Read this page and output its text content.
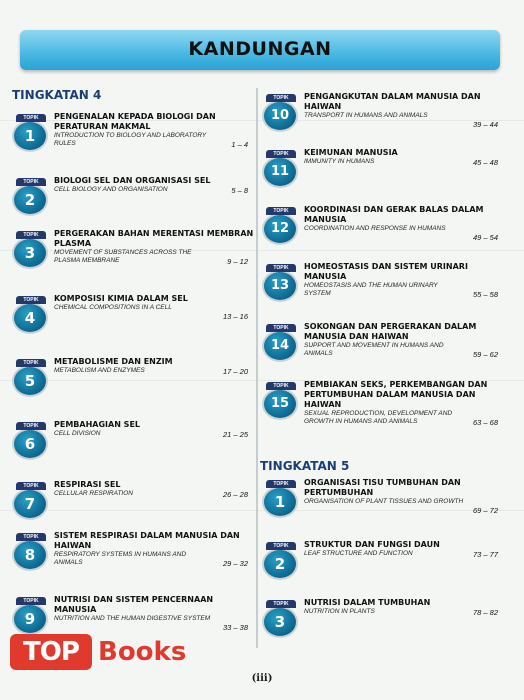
KANDUNGAN
TINGKATAN 4
TINGKATAN 5
TOPIK
1
PENGENALAN KEPADA BIOLOGI DAN PERATURAN MAKMAL
INTRODUCTION TO BIOLOGY AND LABORATORY RULES	1 – 4
TOPIK
2
BIOLOGI SEL DAN ORGANISASI SEL
CELL BIOLOGY AND ORGANISATION	5 – 8
TOPIK
3
PERGERAKAN BAHAN MERENTASI MEMBRAN PLASMA
MOVEMENT OF SUBSTANCES ACROSS THE PLASMA MEMBRANE	9 – 12
TOPIK
4
KOMPOSISI KIMIA DALAM SEL
CHEMICAL COMPOSITIONS IN A CELL
13 – 16
TOPIK
5
METABOLISME DAN ENZIM
METABOLISM AND ENZYMES	17 – 20
TOPIK
6
PEMBAHAGIAN SEL
CELL DIVISION	21 – 25
TOPIK
7
RESPIRASI SEL
CELLULAR RESPIRATION	26 – 28
TOPIK
8
SISTEM RESPIRASI DALAM MANUSIA DAN HAIWAN
RESPIRATORY SYSTEMS IN HUMANS AND ANIMALS	29 – 32
TOPIK
9
NUTRISI DAN SISTEM PENCERNAAN MANUSIA
NUTRITION AND THE HUMAN DIGESTIVE SYSTEM
33 – 38
TOPIK
10
PENGANGKUTAN DALAM MANUSIA DAN HAIWAN
TRANSPORT IN HUMANS AND ANIMALS
39 – 44
TOPIK
11
KEIMUNAN MANUSIA
IMMUNITY IN HUMANS	45 – 48
TOPIK
12
KOORDINASI DAN GERAK BALAS DALAM MANUSIA
COORDINATION AND RESPONSE IN HUMANS
49 – 54
TOPIK
13
HOMEOSTASIS DAN SISTEM URINARI MANUSIA
HOMEOSTASIS AND THE HUMAN URINARY SYSTEM	55 – 58
TOPIK
14
SOKONGAN DAN PERGERAKAN DALAM MANUSIA DAN HAIWAN
SUPPORT AND MOVEMENT IN HUMANS AND ANIMALS	59 – 62
TOPIK
15
PEMBIAKAN SEKS, PERKEMBANGAN DAN PERTUMBUHAN DALAM MANUSIA DAN HAIWAN
SEXUAL REPRODUCTION, DEVELOPMENT AND GROWTH IN HUMANS AND ANIMALS	63 – 68
TOPIK
1
ORGANISASI TISU TUMBUHAN DAN PERTUMBUHAN
ORGANISATION OF PLANT TISSUES AND GROWTH
69 – 72
TOPIK
2
STRUKTUR DAN FUNGSI DAUN
LEAF STRUCTURE AND FUNCTION	73 – 77
TOPIK
3
NUTRISI DALAM TUMBUHAN
NUTRITION IN PLANTS	78 – 82
TOP Books
(iii)
